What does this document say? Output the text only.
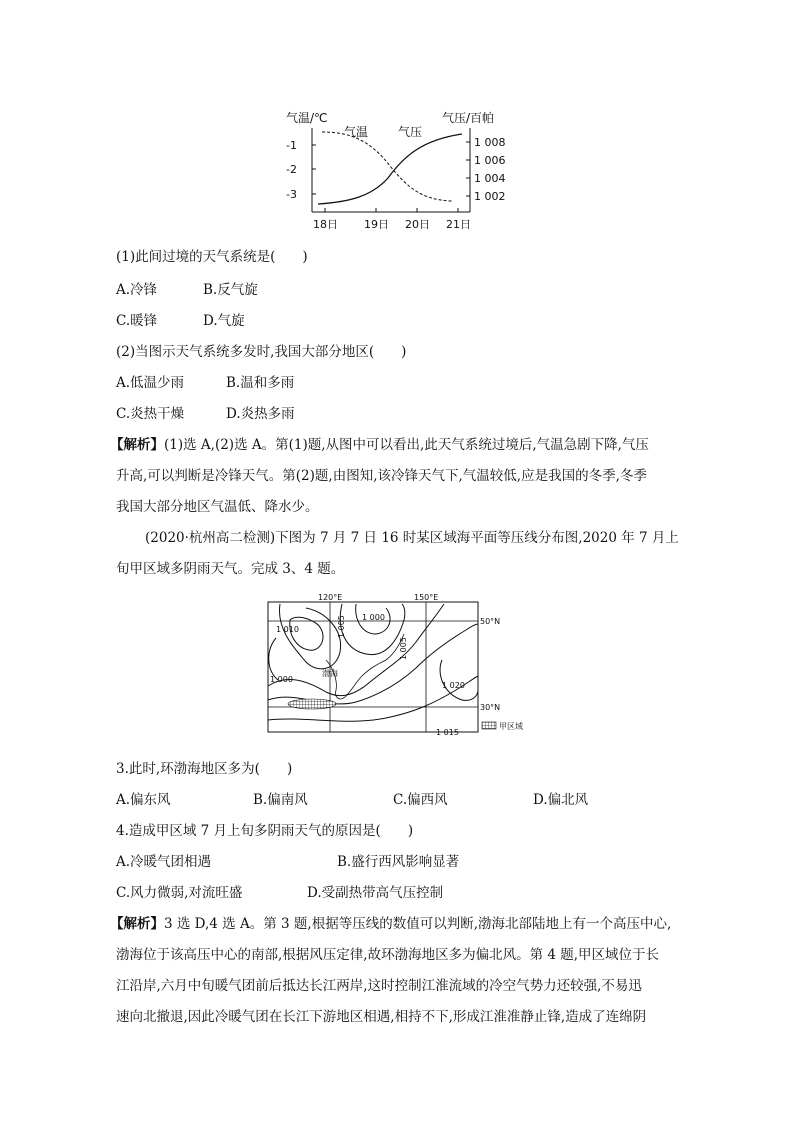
气温/℃	气压/百帕
-1
-2
-3
1 008
1 006
1 004
1 002
18日 19日 20日 21日
气温 气压
(1)此间过境的天气系统是(　　)
A.冷锋	B.反气旋
C.暖锋	D.气旋
(2)当图示天气系统多发时,我国大部分地区(　　)
A.低温少雨	B.温和多雨
C.炎热干燥	D.炎热多雨
【解析】(1)选 A,(2)选 A。第(1)题,从图中可以看出,此天气系统过境后,气温急剧下降,气压
升高,可以判断是冷锋天气。第(2)题,由图知,该冷锋天气下,气温较低,应是我国的冬季,冬季
我国大部分地区气温低、降水少。
(2020·杭州高二检测)下图为 7 月 7 日 16 时某区域海平面等压线分布图,2020 年 7 月上
旬甲区域多阴雨天气。完成 3、4 题。
120°E	150°E
50°N
30°N
1 010	1 005 1 000
1 005
1 000
1 020
1 015
渤海
甲区域
3.此时,环渤海地区多为(　　)
A.偏东风	B.偏南风	C.偏西风	D.偏北风
4.造成甲区域 7 月上旬多阴雨天气的原因是(　　)
A.冷暖气团相遇	B.盛行西风影响显著
C.风力微弱,对流旺盛	D.受副热带高气压控制
【解析】3 选 D,4 选 A。第 3 题,根据等压线的数值可以判断,渤海北部陆地上有一个高压中心,
渤海位于该高压中心的南部,根据风压定律,故环渤海地区多为偏北风。第 4 题,甲区域位于长
江沿岸,六月中旬暖气团前后抵达长江两岸,这时控制江淮流域的冷空气势力还较强,不易迅
速向北撤退,因此冷暖气团在长江下游地区相遇,相持不下,形成江淮准静止锋,造成了连绵阴
